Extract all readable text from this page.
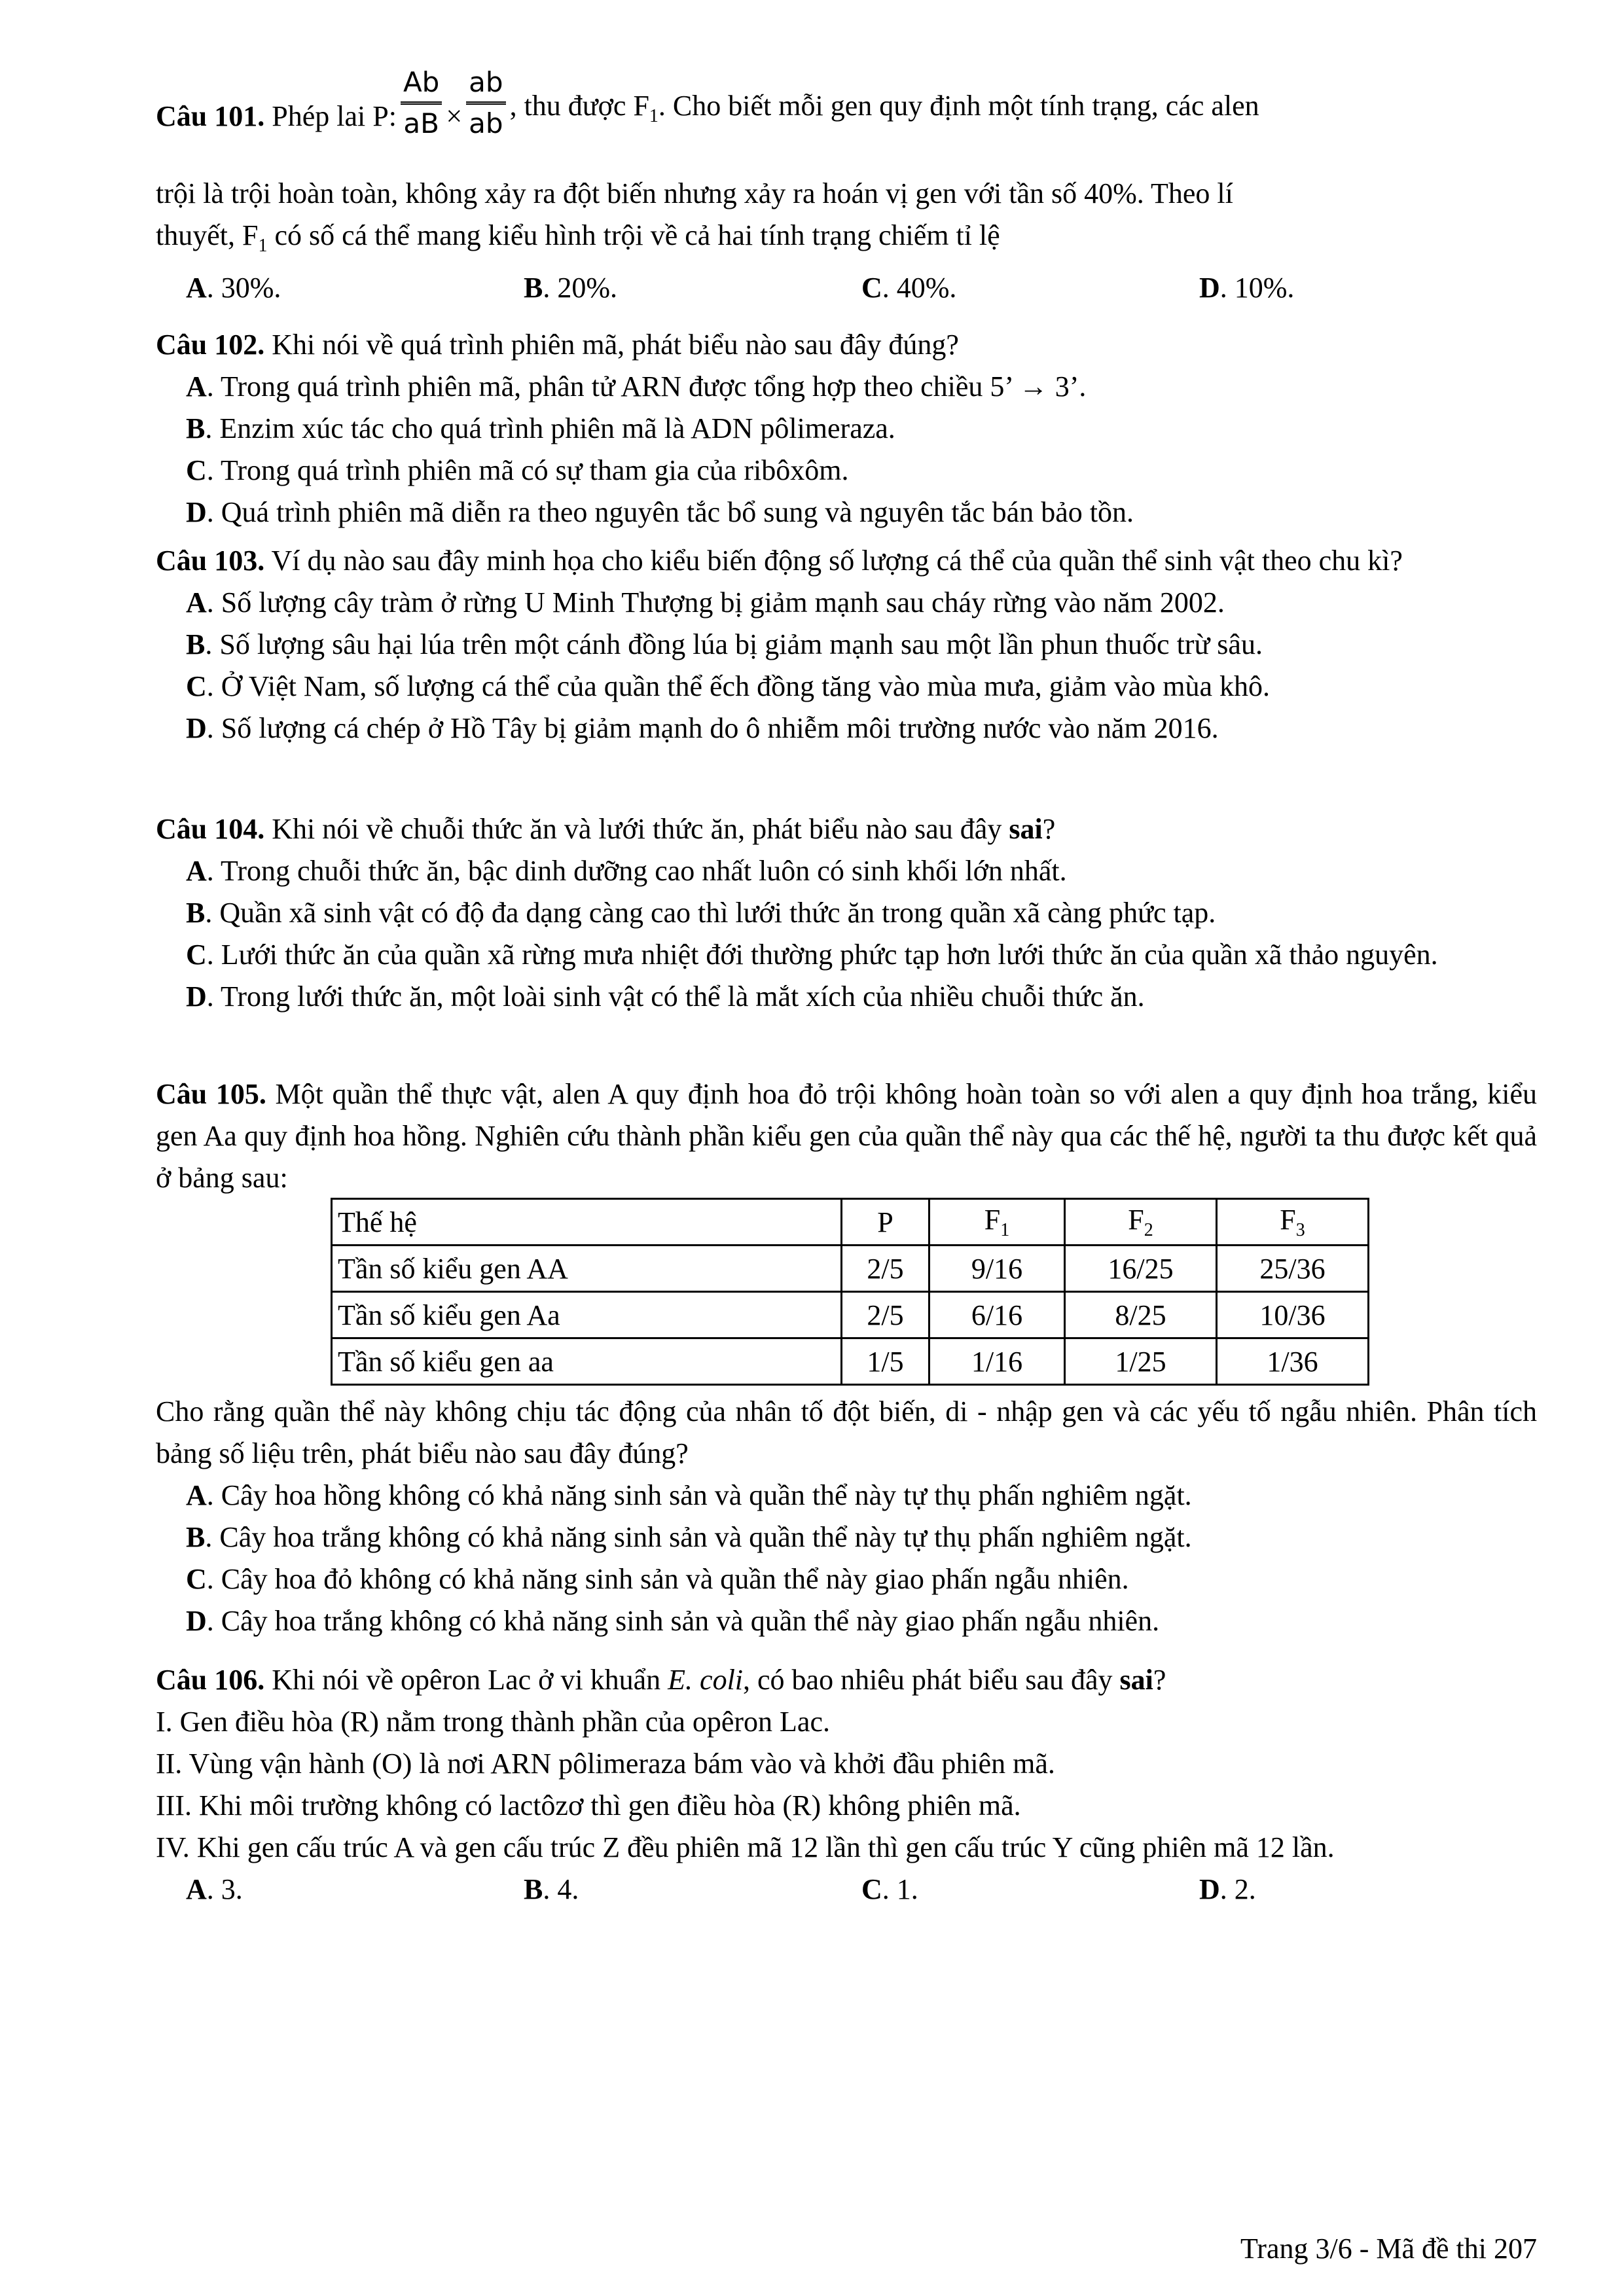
Câu 101. Phép lai P: $\frac{Ab}{aB} \times \frac{ab}{ab}$ , thu được $F_1$. Cho biết mỗi gen quy định một tính trạng, các alen
trội là trội hoàn toàn, không xảy ra đột biến nhưng xảy ra hoán vị gen với tần số 40%. Theo lí
thuyết, $F_1$ có số cá thể mang kiểu hình trội về cả hai tính trạng chiếm tỉ lệ
A. 30%.	B. 20%.	C. 40%.	D. 10%.
Câu 102. Khi nói về quá trình phiên mã, phát biểu nào sau đây đúng?
A. Trong quá trình phiên mã, phân tử ARN được tổng hợp theo chiều 5’ → 3’.
B. Enzim xúc tác cho quá trình phiên mã là ADN pôlimeraza.
C. Trong quá trình phiên mã có sự tham gia của ribôxôm.
D. Quá trình phiên mã diễn ra theo nguyên tắc bổ sung và nguyên tắc bán bảo tồn.
Câu 103. Ví dụ nào sau đây minh họa cho kiểu biến động số lượng cá thể của quần thể sinh vật theo chu kì?
A. Số lượng cây tràm ở rừng U Minh Thượng bị giảm mạnh sau cháy rừng vào năm 2002.
B. Số lượng sâu hại lúa trên một cánh đồng lúa bị giảm mạnh sau một lần phun thuốc trừ sâu.
C. Ở Việt Nam, số lượng cá thể của quần thể ếch đồng tăng vào mùa mưa, giảm vào mùa khô.
D. Số lượng cá chép ở Hồ Tây bị giảm mạnh do ô nhiễm môi trường nước vào năm 2016.
Câu 104. Khi nói về chuỗi thức ăn và lưới thức ăn, phát biểu nào sau đây sai?
A. Trong chuỗi thức ăn, bậc dinh dưỡng cao nhất luôn có sinh khối lớn nhất.
B. Quần xã sinh vật có độ đa dạng càng cao thì lưới thức ăn trong quần xã càng phức tạp.
C. Lưới thức ăn của quần xã rừng mưa nhiệt đới thường phức tạp hơn lưới thức ăn của quần xã thảo nguyên.
D. Trong lưới thức ăn, một loài sinh vật có thể là mắt xích của nhiều chuỗi thức ăn.
Câu 105. Một quần thể thực vật, alen A quy định hoa đỏ trội không hoàn toàn so với alen a quy định hoa trắng, kiểu gen Aa quy định hoa hồng. Nghiên cứu thành phần kiểu gen của quần thể này qua các thế hệ, người ta thu được kết quả ở bảng sau:
Thế hệ	P	$F_1$	$F_2$	$F_3$
Tần số kiểu gen AA	2/5	9/16	16/25	25/36
Tần số kiểu gen Aa	2/5	6/16	8/25	10/36
Tần số kiểu gen aa	1/5	1/16	1/25	1/36
Cho rằng quần thể này không chịu tác động của nhân tố đột biến, di - nhập gen và các yếu tố ngẫu nhiên. Phân tích bảng số liệu trên, phát biểu nào sau đây đúng?
A. Cây hoa hồng không có khả năng sinh sản và quần thể này tự thụ phấn nghiêm ngặt.
B. Cây hoa trắng không có khả năng sinh sản và quần thể này tự thụ phấn nghiêm ngặt.
C. Cây hoa đỏ không có khả năng sinh sản và quần thể này giao phấn ngẫu nhiên.
D. Cây hoa trắng không có khả năng sinh sản và quần thể này giao phấn ngẫu nhiên.
Câu 106. Khi nói về opêron Lac ở vi khuẩn E. coli, có bao nhiêu phát biểu sau đây sai?
I. Gen điều hòa (R) nằm trong thành phần của opêron Lac.
II. Vùng vận hành (O) là nơi ARN pôlimeraza bám vào và khởi đầu phiên mã.
III. Khi môi trường không có lactôzơ thì gen điều hòa (R) không phiên mã.
IV. Khi gen cấu trúc A và gen cấu trúc Z đều phiên mã 12 lần thì gen cấu trúc Y cũng phiên mã 12 lần.
A. 3.	B. 4.	C. 1.	D. 2.
Trang 3/6 - Mã đề thi 207
